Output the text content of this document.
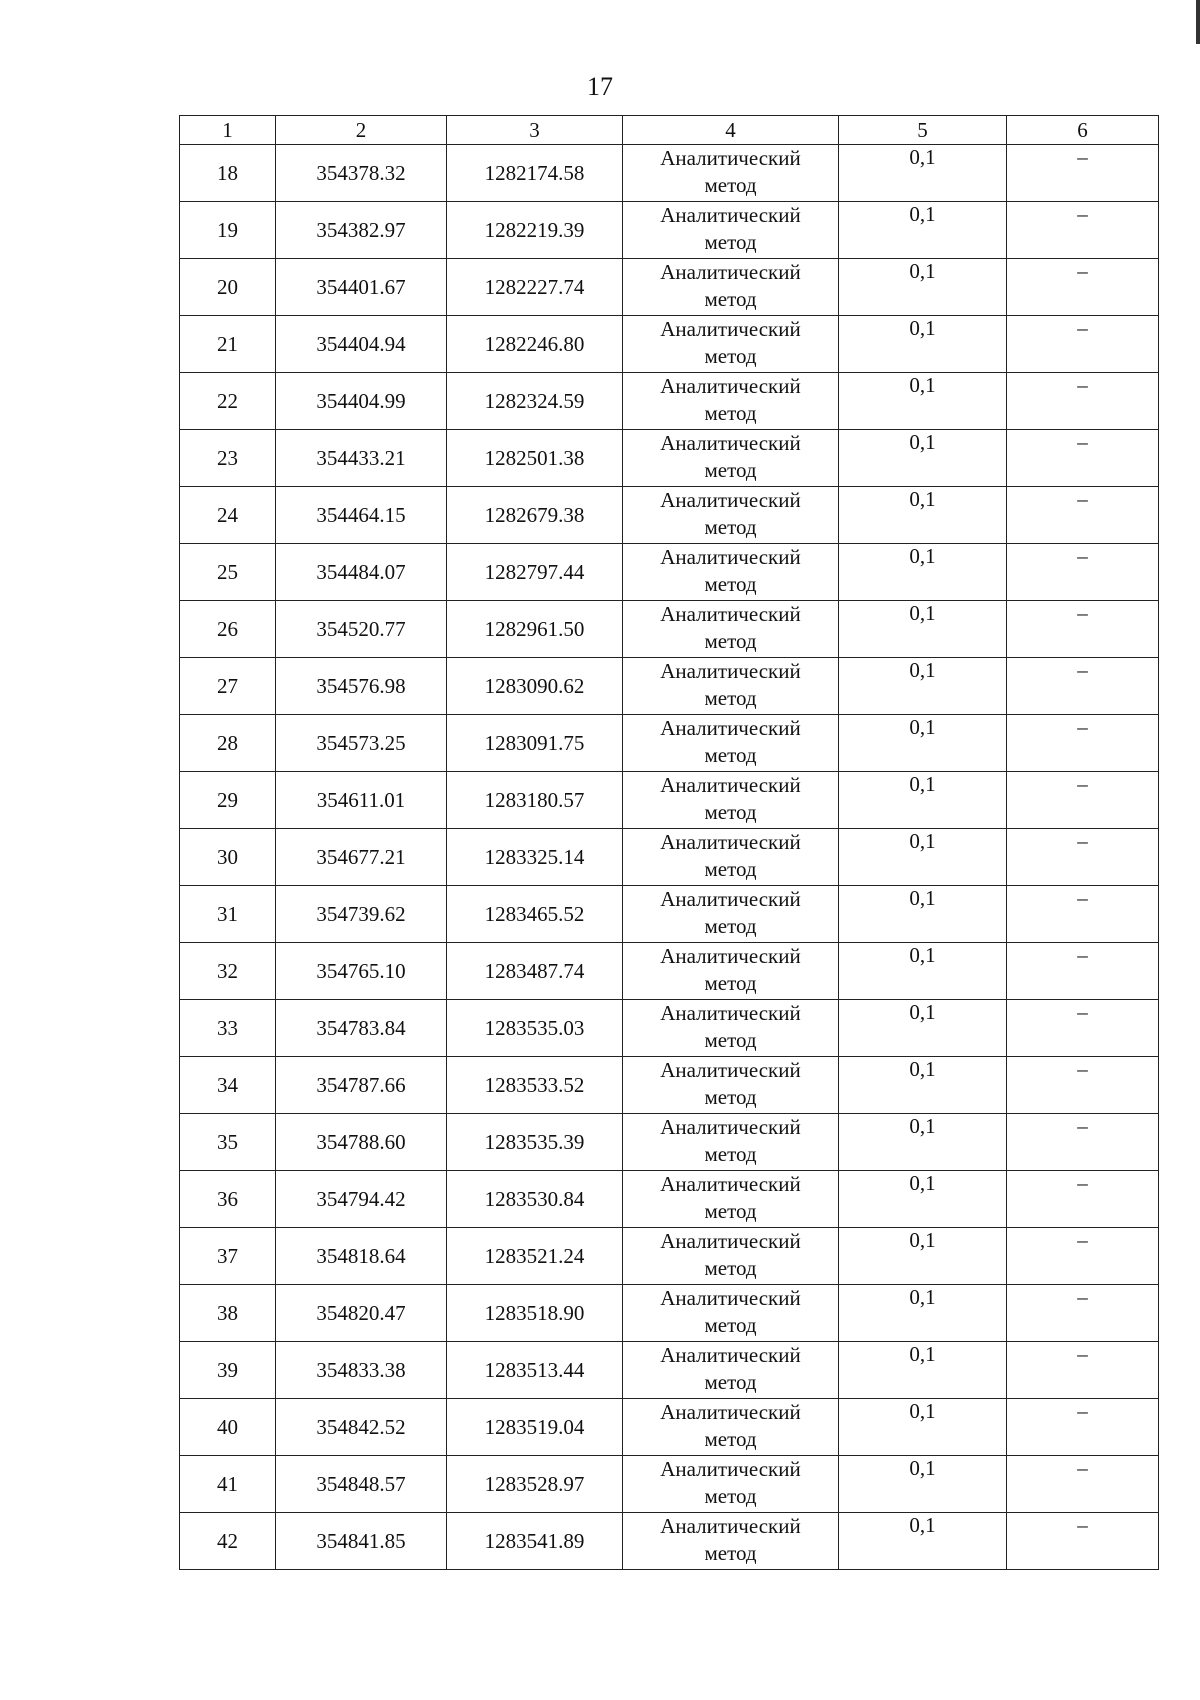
17
1	2	3	4	5	6
18	354378.32	1282174.58	Аналитический
метод	0,1	–
19	354382.97	1282219.39	Аналитический
метод	0,1	–
20	354401.67	1282227.74	Аналитический
метод	0,1	–
21	354404.94	1282246.80	Аналитический
метод	0,1	–
22	354404.99	1282324.59	Аналитический
метод	0,1	–
23	354433.21	1282501.38	Аналитический
метод	0,1	–
24	354464.15	1282679.38	Аналитический
метод	0,1	–
25	354484.07	1282797.44	Аналитический
метод	0,1	–
26	354520.77	1282961.50	Аналитический
метод	0,1	–
27	354576.98	1283090.62	Аналитический
метод	0,1	–
28	354573.25	1283091.75	Аналитический
метод	0,1	–
29	354611.01	1283180.57	Аналитический
метод	0,1	–
30	354677.21	1283325.14	Аналитический
метод	0,1	–
31	354739.62	1283465.52	Аналитический
метод	0,1	–
32	354765.10	1283487.74	Аналитический
метод	0,1	–
33	354783.84	1283535.03	Аналитический
метод	0,1	–
34	354787.66	1283533.52	Аналитический
метод	0,1	–
35	354788.60	1283535.39	Аналитический
метод	0,1	–
36	354794.42	1283530.84	Аналитический
метод	0,1	–
37	354818.64	1283521.24	Аналитический
метод	0,1	–
38	354820.47	1283518.90	Аналитический
метод	0,1	–
39	354833.38	1283513.44	Аналитический
метод	0,1	–
40	354842.52	1283519.04	Аналитический
метод	0,1	–
41	354848.57	1283528.97	Аналитический
метод	0,1	–
42	354841.85	1283541.89	Аналитический
метод	0,1	–
